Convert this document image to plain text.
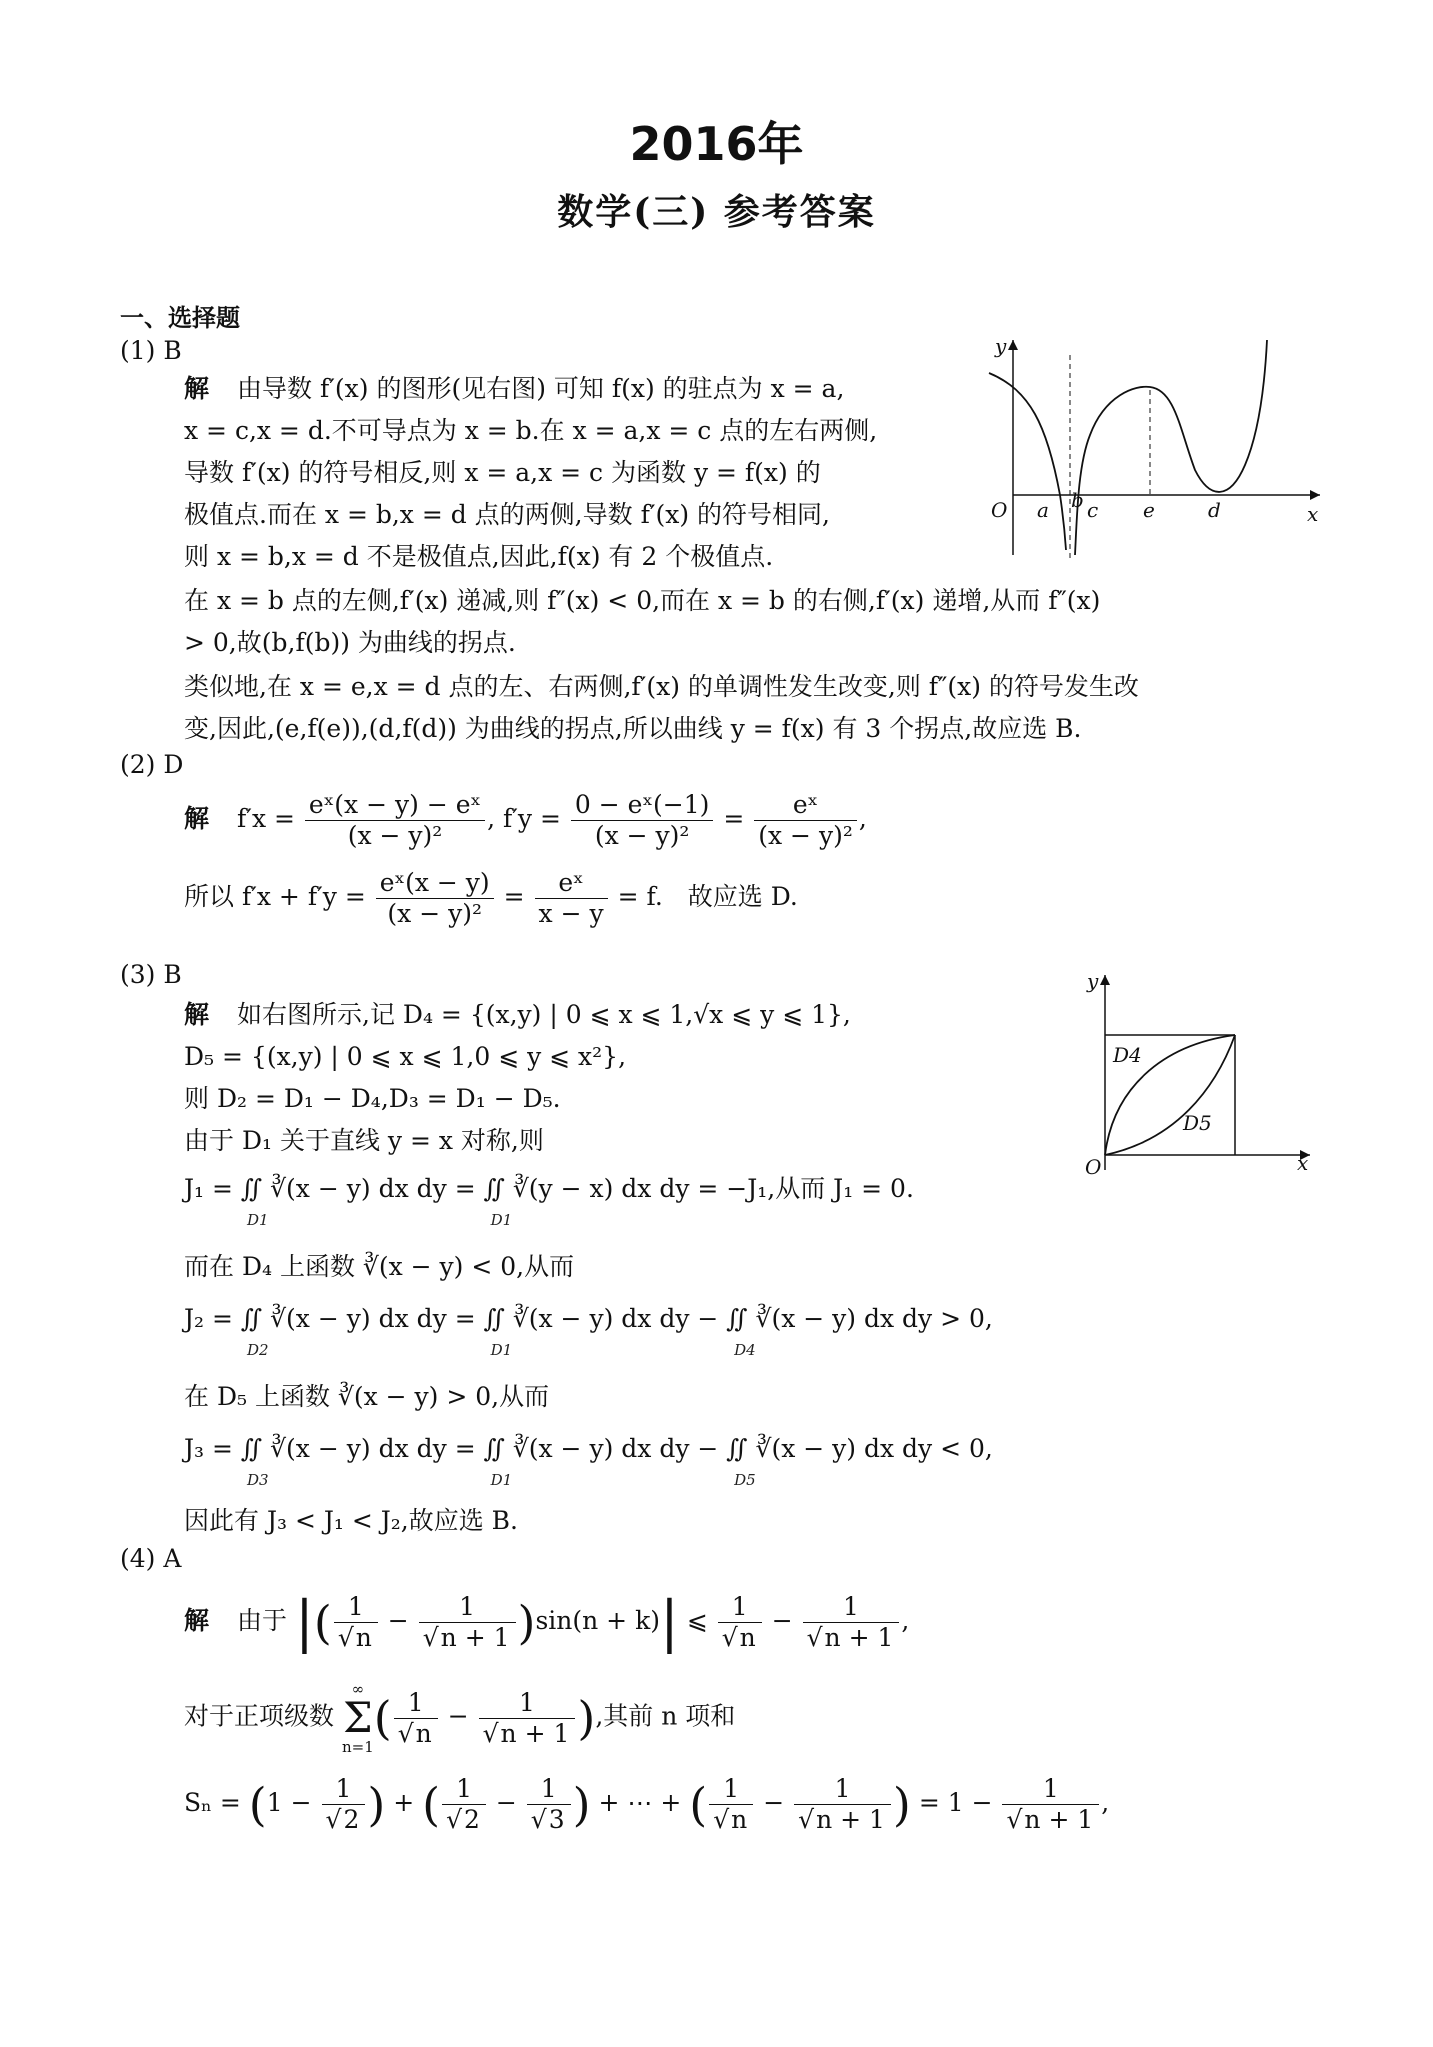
2016年
数学(三) 参考答案
一、选择题
(1) B
解 由导数 f′(x) 的图形(见右图) 可知 f(x) 的驻点为 x = a,
x = c,x = d.不可导点为 x = b.在 x = a,x = c 点的左右两侧,
导数 f′(x) 的符号相反,则 x = a,x = c 为函数 y = f(x) 的
极值点.而在 x = b,x = d 点的两侧,导数 f′(x) 的符号相同,
则 x = b,x = d 不是极值点,因此,f(x) 有 2 个极值点.
在 x = b 点的左侧,f′(x) 递减,则 f″(x) < 0,而在 x = b 的右侧,f′(x) 递增,从而 f″(x)
> 0,故(b,f(b)) 为曲线的拐点.
类似地,在 x = e,x = d 点的左、右两侧,f′(x) 的单调性发生改变,则 f″(x) 的符号发生改
变,因此,(e,f(e)),(d,f(d)) 为曲线的拐点,所以曲线 y = f(x) 有 3 个拐点,故应选 B.
y
x
O a b c e	d
(2) D
解 $f'x = \frac{\text{eˣ(x − y) − eˣ}}{\text{(x − y)²}}$ , $f'y = \frac{\text{0 − eˣ(−1)}}{\text{(x − y)²}} = \frac{\text{eˣ}}{\text{(x − y)²}}$ ,
所以 $f'x + f'y = \frac{\text{eˣ(x − y)}}{\text{(x − y)²}} = \frac{\text{eˣ}}{x - y} = f$.　故应选 D.
(3) B
解 如右图所示,记 D₄ = {(x,y) | 0 ⩽ x ⩽ 1,√x ⩽ y ⩽ 1},
D₅ = {(x,y) | 0 ⩽ x ⩽ 1,0 ⩽ y ⩽ x²},
则 D₂ = D₁ − D₄,D₃ = D₁ − D₅.
由于 D₁ 关于直线 y = x 对称,则
J₁ = ∬ ∛(x − y) dx dy = ∬ ∛(y − x) dx dy = −J₁,从而 J₁ = 0.
D1	D1
而在 D₄ 上函数 ∛(x − y) < 0,从而
J₂ = ∬ ∛(x − y) dx dy = ∬ ∛(x − y) dx dy − ∬ ∛(x − y) dx dy > 0,
D2	D1	D4
在 D₅ 上函数 ∛(x − y) > 0,从而
J₃ = ∬ ∛(x − y) dx dy = ∬ ∛(x − y) dx dy − ∬ ∛(x − y) dx dy < 0,
D3	D1	D5
因此有 J₃ < J₁ < J₂,故应选 B.
y
x
O
D4
D5
(4) A
解 由于 |( $\frac{1}{√n} - \frac{1}{√n + 1} )\sin(n + k)|$ ⩽ $\frac{1}{√n} - \frac{1}{√n + 1}$ ,
对于正项级数 ∞
Σ
$n=1( \frac{1}{√n} - \frac{1}{√n + 1}$ ),其前 n 项和
$S_n = (1 - \frac{1}{√2}$ ) + ( $\frac{1}{√2} - \frac{1}{√3}$ ) + ⋯ + ( $\frac{1}{√n} - \frac{1}{√n + 1}$ ) = $1 - \frac{1}{√n + 1}$ ,
